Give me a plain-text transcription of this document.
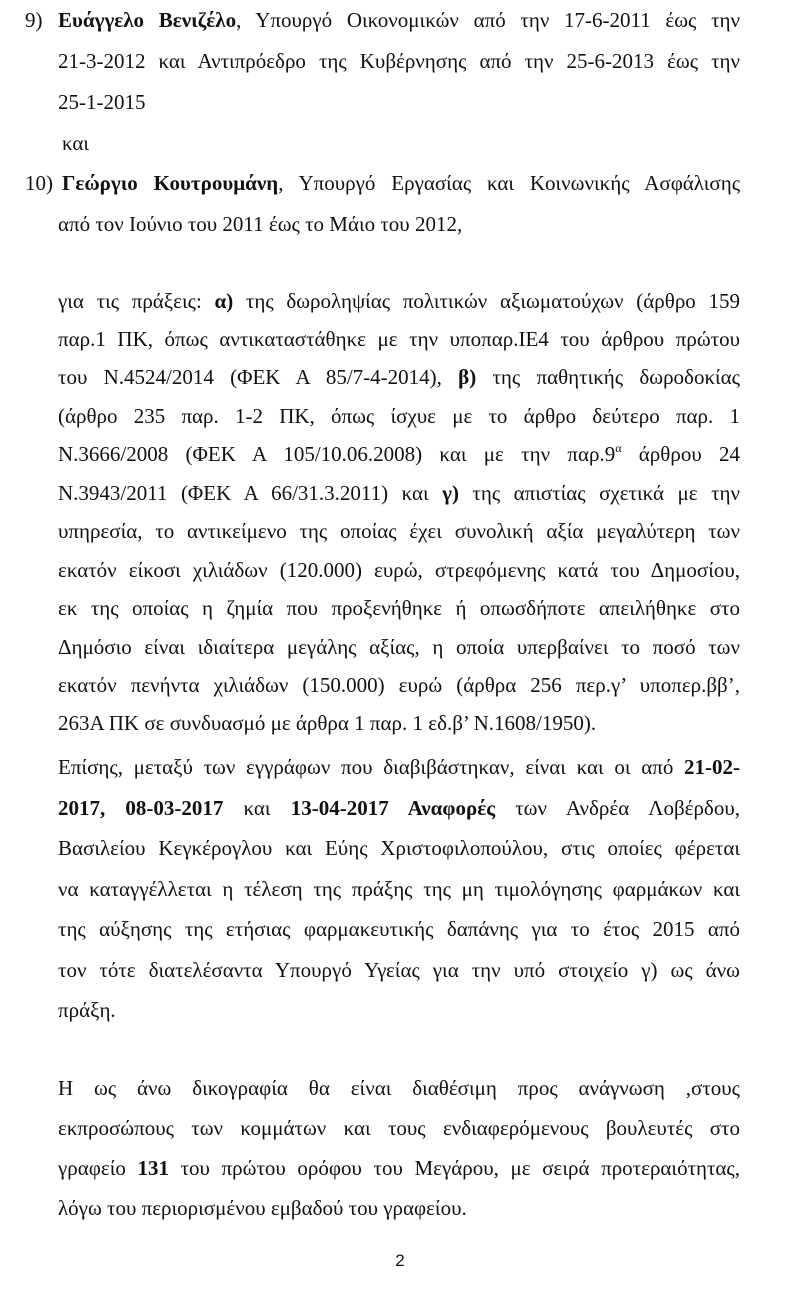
9) Ευάγγελο Βενιζέλο, Υπουργό Οικονομικών από την 17-6-2011 έως την
21-3-2012 και Αντιπρόεδρο της Κυβέρνησης από την 25-6-2013 έως την
25-1-2015
και
10) Γεώργιο Κουτρουμάνη, Υπουργό Εργασίας και Κοινωνικής Ασφάλισης
από τον Ιούνιο του 2011 έως το Μάιο του 2012,
για τις πράξεις: α) της δωροληψίας πολιτικών αξιωματούχων (άρθρο 159
παρ.1 ΠΚ, όπως αντικαταστάθηκε με την υποπαρ.ΙΕ4 του άρθρου πρώτου
του Ν.4524/2014 (ΦΕΚ Α 85/7-4-2014), β) της παθητικής δωροδοκίας
(άρθρο 235 παρ. 1-2 ΠΚ, όπως ίσχυε με το άρθρο δεύτερο παρ. 1
Ν.3666/2008 (ΦΕΚ Α 105/10.06.2008) και με την $\pi\alpha\rho.9^\alpha$ άρθρου 24
Ν.3943/2011 (ΦΕΚ Α 66/31.3.2011) και γ) της απιστίας σχετικά με την
υπηρεσία, το αντικείμενο της οποίας έχει συνολική αξία μεγαλύτερη των
εκατόν είκοσι χιλιάδων (120.000) ευρώ, στρεφόμενης κατά του Δημοσίου,
εκ της οποίας η ζημία που προξενήθηκε ή οπωσδήποτε απειλήθηκε στο
Δημόσιο είναι ιδιαίτερα μεγάλης αξίας, η οποία υπερβαίνει το ποσό των
εκατόν πενήντα χιλιάδων (150.000) ευρώ (άρθρα 256 περ.γ’ υποπερ.ββ’,
263Α ΠΚ σε συνδυασμό με άρθρα 1 παρ. 1 εδ.β’ Ν.1608/1950).
Επίσης, μεταξύ των εγγράφων που διαβιβάστηκαν, είναι και οι από 21-02-
2017, 08-03-2017 και 13-04-2017 Αναφορές των Ανδρέα Λοβέρδου,
Βασιλείου Κεγκέρογλου και Εύης Χριστοφιλοπούλου, στις οποίες φέρεται
να καταγγέλλεται η τέλεση της πράξης της μη τιμολόγησης φαρμάκων και
της αύξησης της ετήσιας φαρμακευτικής δαπάνης για το έτος 2015 από
τον τότε διατελέσαντα Υπουργό Υγείας για την υπό στοιχείο γ) ως άνω
πράξη.
Η ως άνω δικογραφία θα είναι διαθέσιμη προς ανάγνωση ,στους
εκπροσώπους των κομμάτων και τους ενδιαφερόμενους βουλευτές στο
γραφείο 131 του πρώτου ορόφου του Μεγάρου, με σειρά προτεραιότητας,
λόγω του περιορισμένου εμβαδού του γραφείου.
2
